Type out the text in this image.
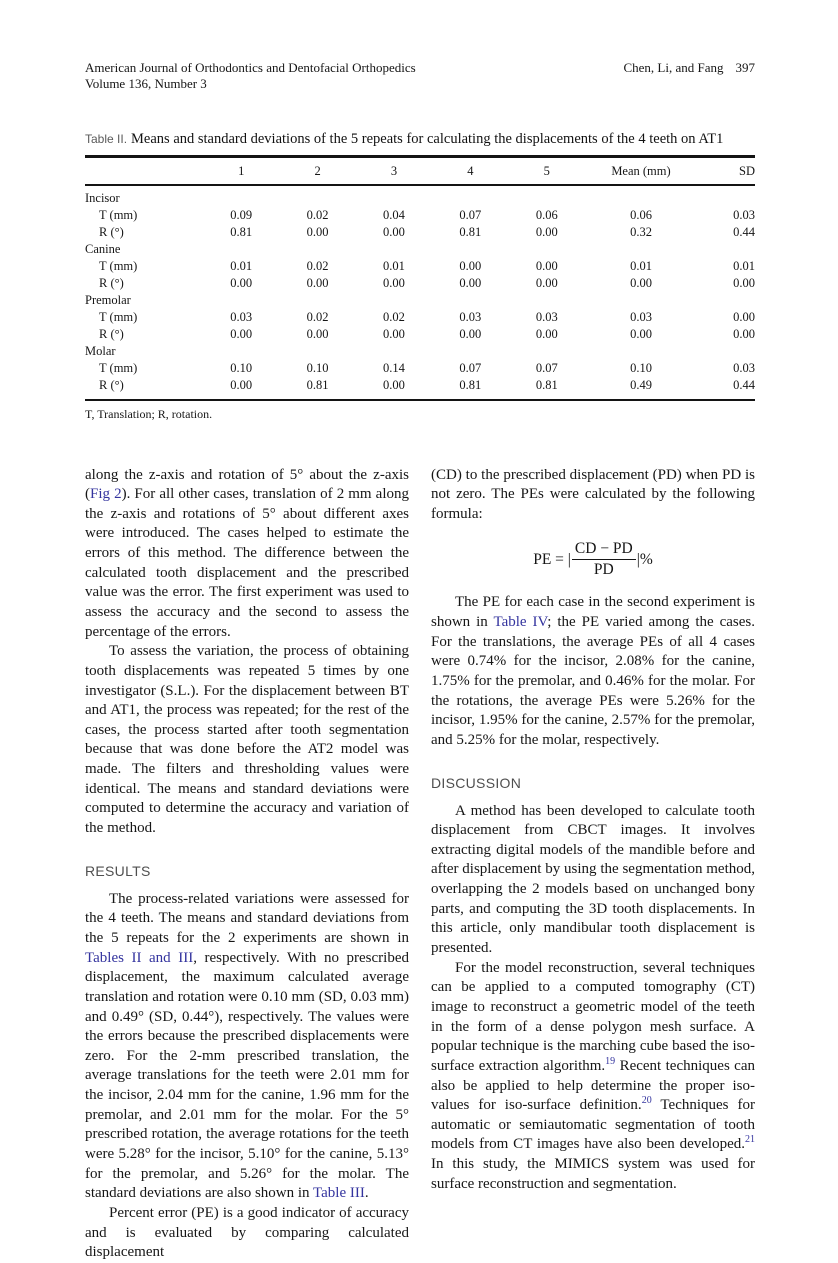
American Journal of Orthodontics and Dentofacial Orthopedics
Volume 136, Number 3
Chen, Li, and Fang 397
Table II. Means and standard deviations of the 5 repeats for calculating the displacements of the 4 teeth on AT1
	1	2	3	4	5	Mean (mm)	SD
Incisor							
T (mm)	0.09	0.02	0.04	0.07	0.06	0.06	0.03
R (°)	0.81	0.00	0.00	0.81	0.00	0.32	0.44
Canine							
T (mm)	0.01	0.02	0.01	0.00	0.00	0.01	0.01
R (°)	0.00	0.00	0.00	0.00	0.00	0.00	0.00
Premolar							
T (mm)	0.03	0.02	0.02	0.03	0.03	0.03	0.00
R (°)	0.00	0.00	0.00	0.00	0.00	0.00	0.00
Molar							
T (mm)	0.10	0.10	0.14	0.07	0.07	0.10	0.03
R (°)	0.00	0.81	0.00	0.81	0.81	0.49	0.44
T, Translation; R, rotation.

along the z-axis and rotation of 5° about the z-axis (Fig 2). For all other cases, translation of 2 mm along the z-axis and rotations of 5° about different axes were introduced. The cases helped to estimate the errors of this method. The difference between the calculated tooth displacement and the prescribed value was the error. The first experiment was used to assess the accuracy and the second to assess the percentage of the errors.

To assess the variation, the process of obtaining tooth displacements was repeated 5 times by one investigator (S.L.). For the displacement between BT and AT1, the process was repeated; for the rest of the cases, the process started after tooth segmentation because that was done before the AT2 model was made. The filters and thresholding values were identical. The means and standard deviations were computed to determine the accuracy and variation of the method.

RESULTS

The process-related variations were assessed for the 4 teeth. The means and standard deviations from the 5 repeats for the 2 experiments are shown in Tables II and III, respectively. With no prescribed displacement, the maximum calculated average translation and rotation were 0.10 mm (SD, 0.03 mm) and 0.49° (SD, 0.44°), respectively. The values were the errors because the prescribed displacements were zero. For the 2-mm prescribed translation, the average translations for the teeth were 2.01 mm for the incisor, 2.04 mm for the canine, 1.96 mm for the premolar, and 2.01 mm for the molar. For the 5° prescribed rotation, the average rotations for the teeth were 5.28° for the incisor, 5.10° for the canine, 5.13° for the premolar, and 5.26° for the molar. The standard deviations are also shown in Table III.

Percent error (PE) is a good indicator of accuracy and is evaluated by comparing calculated displacement

(CD) to the prescribed displacement (PD) when PD is not zero. The PEs were calculated by the following formula:

PE = | $\frac{CD - PD}{PD}$ |%

The PE for each case in the second experiment is shown in Table IV; the PE varied among the cases. For the translations, the average PEs of all 4 cases were 0.74% for the incisor, 2.08% for the canine, 1.75% for the premolar, and 0.46% for the molar. For the rotations, the average PEs were 5.26% for the incisor, 1.95% for the canine, 2.57% for the premolar, and 5.25% for the molar, respectively.

DISCUSSION

A method has been developed to calculate tooth displacement from CBCT images. It involves extracting digital models of the mandible before and after displacement by using the segmentation method, overlapping the 2 models based on unchanged bony parts, and computing the 3D tooth displacements. In this article, only mandibular tooth displacement is presented.

For the model reconstruction, several techniques can be applied to a computed tomography (CT) image to reconstruct a geometric model of the teeth in the form of a dense polygon mesh surface. A popular technique is the marching cube based the iso-surface extraction algorithm.$^{19}$ Recent techniques can also be applied to help determine the proper iso-values for iso-surface definition.$^{20}$ Techniques for automatic or semiautomatic segmentation of tooth models from CT images have also been developed.$^{21}$ In this study, the MIMICS system was used for surface reconstruction and segmentation.
